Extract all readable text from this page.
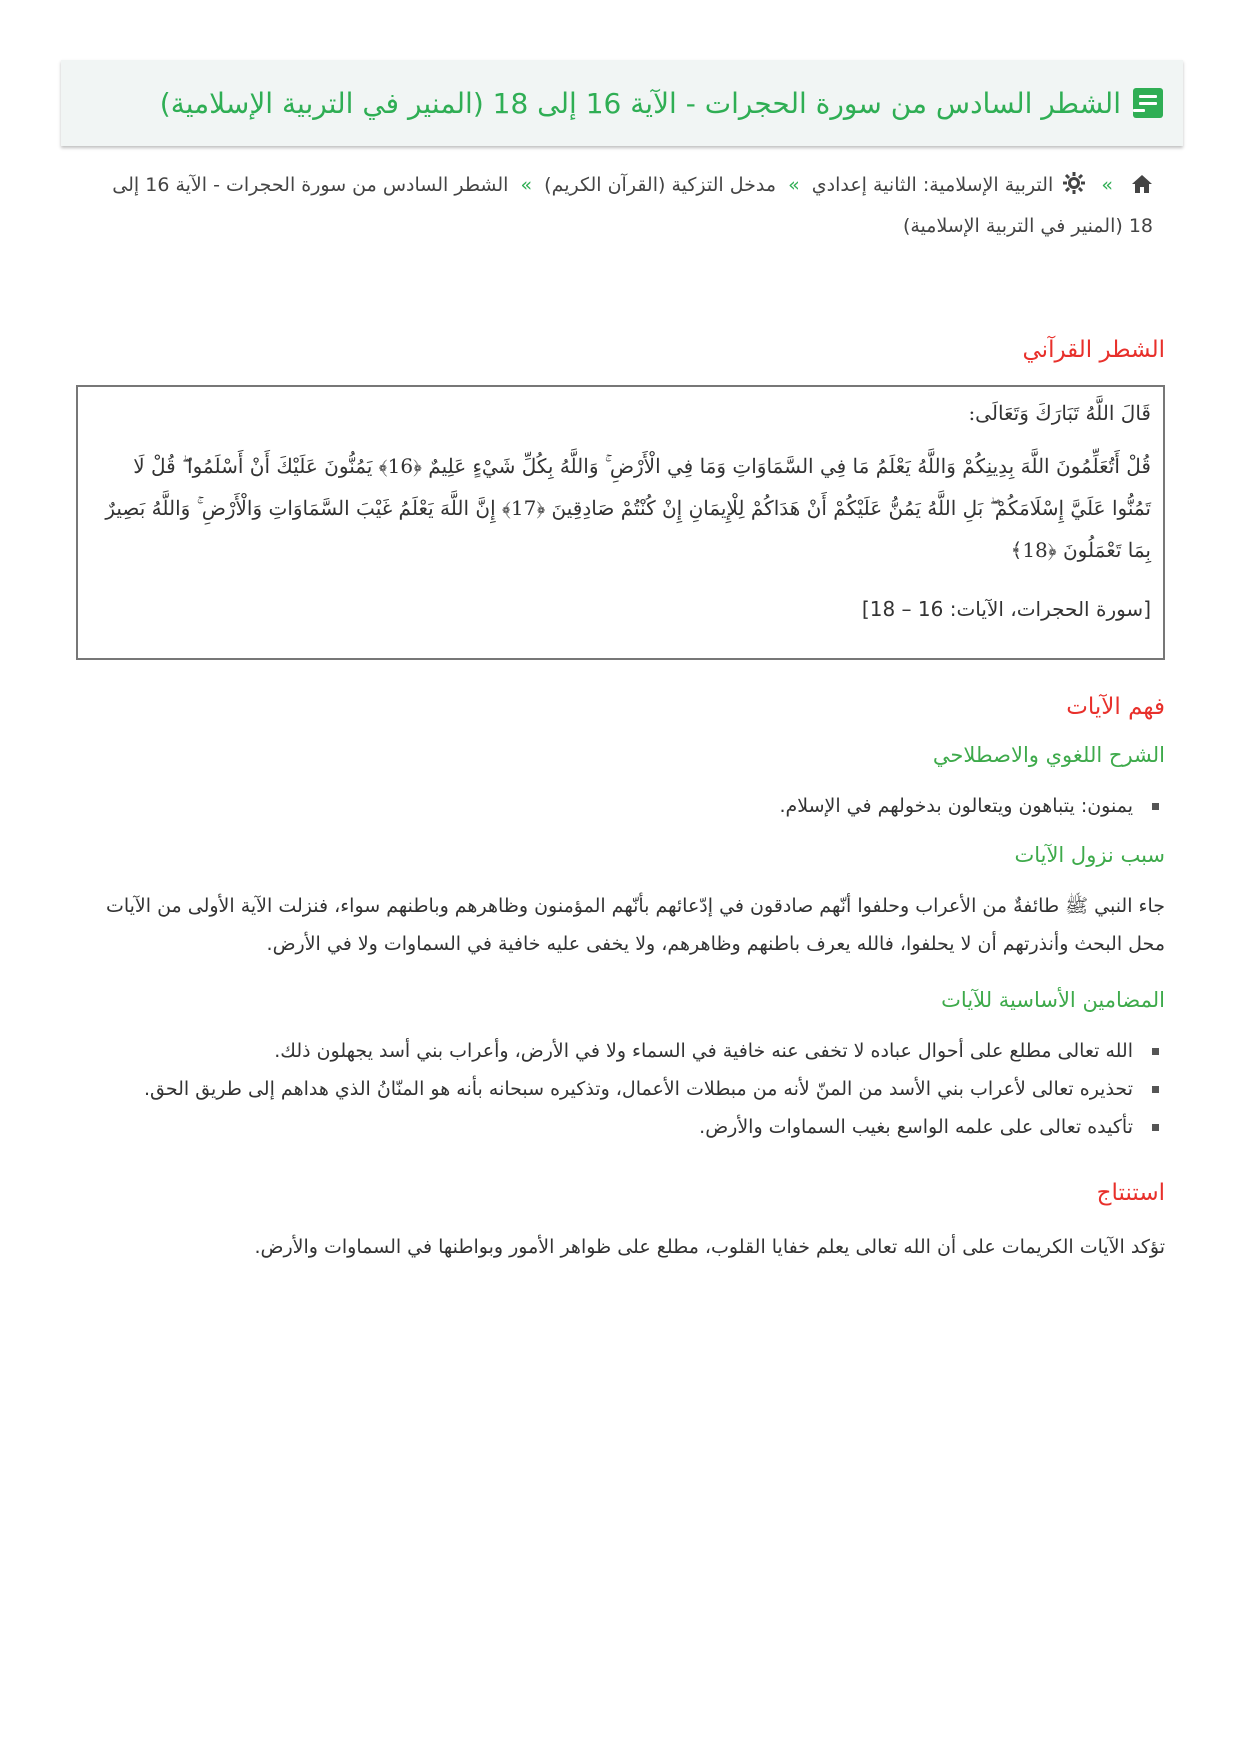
الشطر السادس من سورة الحجرات - الآية 16 إلى 18 (المنير في التربية الإسلامية)
»  التربية الإسلامية: الثانية إعدادي » مدخل التزكية (القرآن الكريم) » الشطر السادس من سورة الحجرات - الآية 16 إلى 18 (المنير في التربية الإسلامية)
الشطر القرآني

قَالَ اللَّهُ تَبَارَكَ وَتَعَالَى:

قُلْ أَتُعَلِّمُونَ اللَّهَ بِدِينِكُمْ وَاللَّهُ يَعْلَمُ مَا فِي السَّمَاوَاتِ وَمَا فِي الْأَرْضِ ۚ وَاللَّهُ بِكُلِّ شَيْءٍ عَلِيمٌ ﴿16﴾ يَمُنُّونَ عَلَيْكَ أَنْ أَسْلَمُوا ۖ قُلْ لَا تَمُنُّوا عَلَيَّ إِسْلَامَكُمْ ۖ بَلِ اللَّهُ يَمُنُّ عَلَيْكُمْ أَنْ هَدَاكُمْ لِلْإِيمَانِ إِنْ كُنْتُمْ صَادِقِينَ ﴿17﴾ إِنَّ اللَّهَ يَعْلَمُ غَيْبَ السَّمَاوَاتِ وَالْأَرْضِ ۚ وَاللَّهُ بَصِيرٌ بِمَا تَعْمَلُونَ ﴿18﴾

[سورة الحجرات، الآيات: 16 – 18]

فهم الآيات
الشرح اللغوي والاصطلاحي
يمنون: يتباهون ويتعالون بدخولهم في الإسلام.
سبب نزول الآيات

جاء النبي ﷺ طائفةٌ من الأعراب وحلفوا أنّهم صادقون في إدّعائهم بأنّهم المؤمنون وظاهرهم وباطنهم سواء، فنزلت الآية الأولى من الآيات محل البحث وأنذرتهم أن لا يحلفوا، فالله يعرف باطنهم وظاهرهم، ولا يخفى عليه خافية في السماوات ولا في الأرض.

المضامين الأساسية للآيات
الله تعالى مطلع على أحوال عباده لا تخفى عنه خافية في السماء ولا في الأرض، وأعراب بني أسد يجهلون ذلك.
تحذيره تعالى لأعراب بني الأسد من المنّ لأنه من مبطلات الأعمال، وتذكيره سبحانه بأنه هو المنّانُ الذي هداهم إلى طريق الحق.
تأكيده تعالى على علمه الواسع بغيب السماوات والأرض.
استنتاج

تؤكد الآيات الكريمات على أن الله تعالى يعلم خفايا القلوب، مطلع على ظواهر الأمور وبواطنها في السماوات والأرض.
